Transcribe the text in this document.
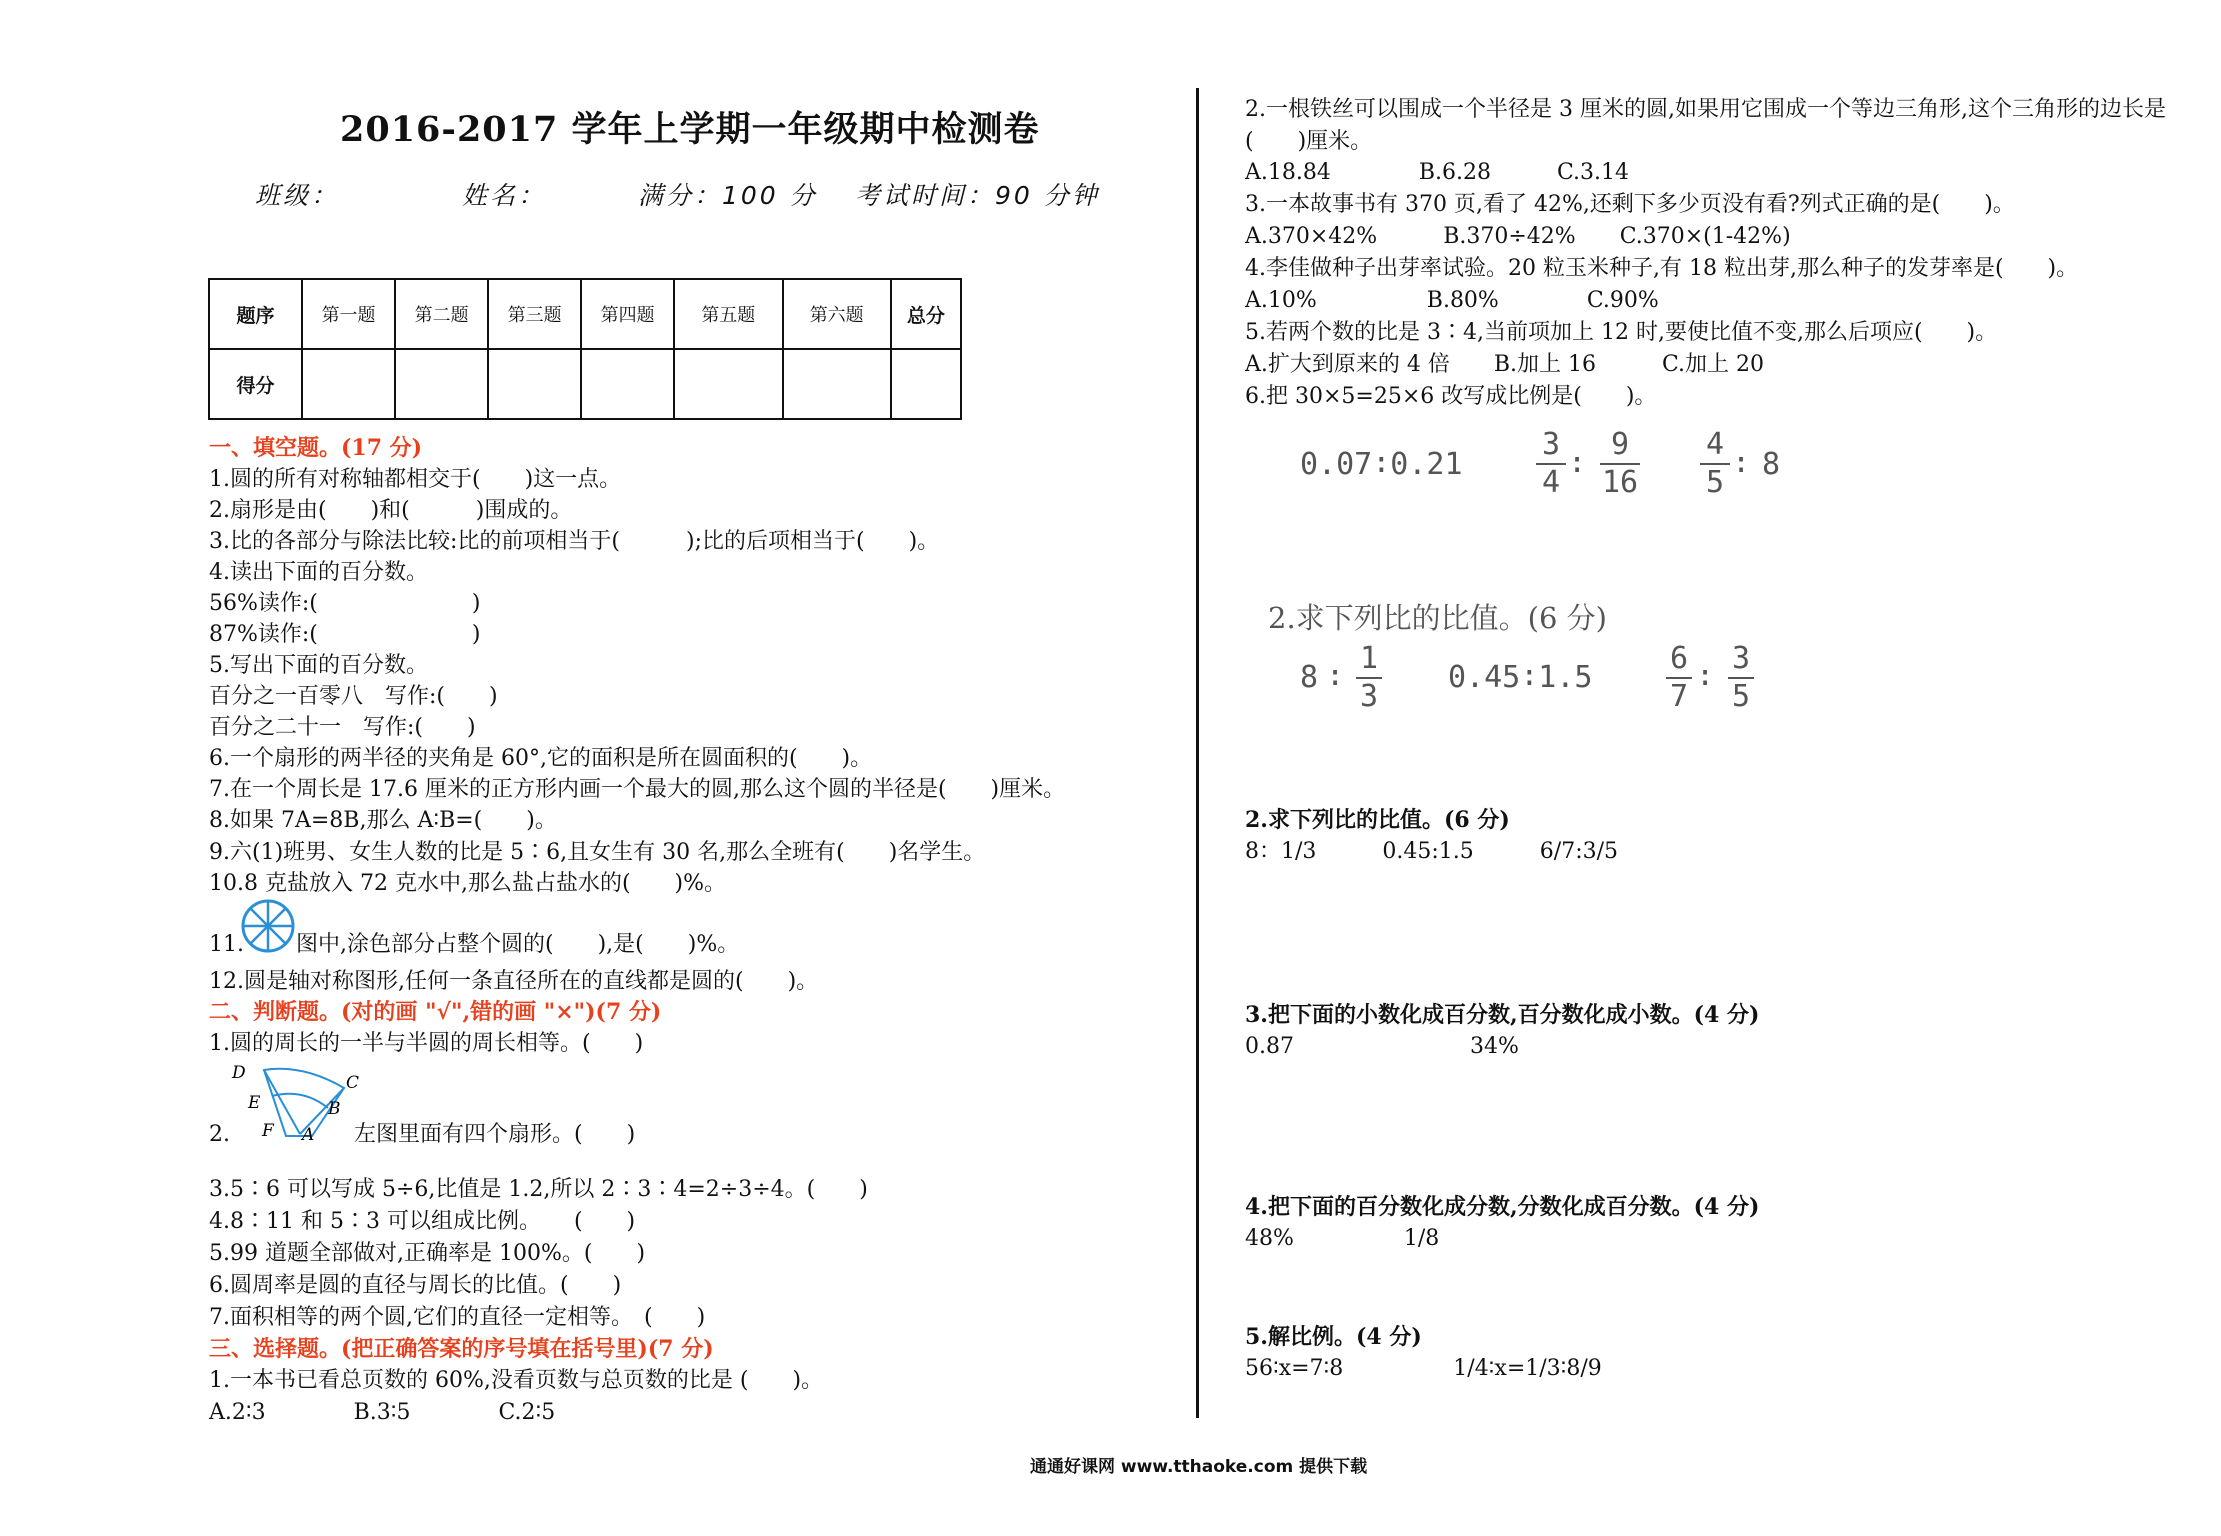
2016-2017 学年上学期一年级期中检测卷
班级：	姓名：	满分：100 分 考试时间：90 分钟
题序	第一题	第二题	第三题	第四题	第五题	第六题	总分
得分							
一、填空题。(17 分)
1.圆的所有对称轴都相交于(　　)这一点。
2.扇形是由(　　)和(　　　)围成的。
3.比的各部分与除法比较:比的前项相当于(　　　);比的后项相当于(　　)。
4.读出下面的百分数。
56%读作:(　　　　　　　)
87%读作:(　　　　　　　)
5.写出下面的百分数。
百分之一百零八　写作:(　　)
百分之二十一　写作:(　　)
6.一个扇形的两半径的夹角是 60°,它的面积是所在圆面积的(　　)。
7.在一个周长是 17.6 厘米的正方形内画一个最大的圆,那么这个圆的半径是(　　)厘米。
8.如果 7A=8B,那么 A∶B=(　　)。
9.六(1)班男、女生人数的比是 5∶6,且女生有 30 名,那么全班有(　　)名学生。
10.8 克盐放入 72 克水中,那么盐占盐水的(　　)%。
11. 图中,涂色部分占整个圆的(　　),是(　　)%。
12.圆是轴对称图形,任何一条直径所在的直线都是圆的(　　)。
二、判断题。(对的画 "√",错的画 "×")(7 分)
1.圆的周长的一半与半圆的周长相等。(　　)
D	C
E	B
F A
2.	左图里面有四个扇形。(　　)
3.5∶6 可以写成 5÷6,比值是 1.2,所以 2∶3∶4=2÷3÷4。(　　)
4.8∶11 和 5∶3 可以组成比例。　　(　　)
5.99 道题全部做对,正确率是 100%。(　　)
6.圆周率是圆的直径与周长的比值。(　　)
7.面积相等的两个圆,它们的直径一定相等。　(　　)
三、选择题。(把正确答案的序号填在括号里)(7 分)
1.一本书已看总页数的 60%,没看页数与总页数的比是 (　　)。
A.2∶3　　　　B.3∶5　　　　C.2∶5
2.一根铁丝可以围成一个半径是 3 厘米的圆,如果用它围成一个等边三角形,这个三角形的边长是
(　　)厘米。
A.18.84　　　　B.6.28　　　C.3.14
3.一本故事书有 370 页,看了 42%,还剩下多少页没有看?列式正确的是(　　)。
A.370×42%　　　B.370÷42%　　C.370×(1-42%)
4.李佳做种子出芽率试验。20 粒玉米种子,有 18 粒出芽,那么种子的发芽率是(　　)。
A.10%　　　　　B.80%　　　　C.90%
5.若两个数的比是 3∶4,当前项加上 12 时,要使比值不变,那么后项应(　　)。
A.扩大到原来的 4 倍　　B.加上 16　　　C.加上 20
6.把 30×5=25×6 改写成比例是(　　)。
0.07∶0.21
3
4
∶
9
16
4
5
∶ 8
2.求下列比的比值。(6 分)
8 ∶
1
3
0.45∶1.5
6
7
∶
3
5
2.求下列比的比值。(6 分)
8：1/3　　　0.45:1.5　　　6/7:3/5
3.把下面的小数化成百分数,百分数化成小数。(4 分)
0.87　　　　　　　　34%
4.把下面的百分数化成分数,分数化成百分数。(4 分)
48%　　　　　1/8
5.解比例。(4 分)
56∶x=7∶8　　　　　1/4∶x=1/3∶8/9
通通好课网 www.tthaoke.com 提供下载
